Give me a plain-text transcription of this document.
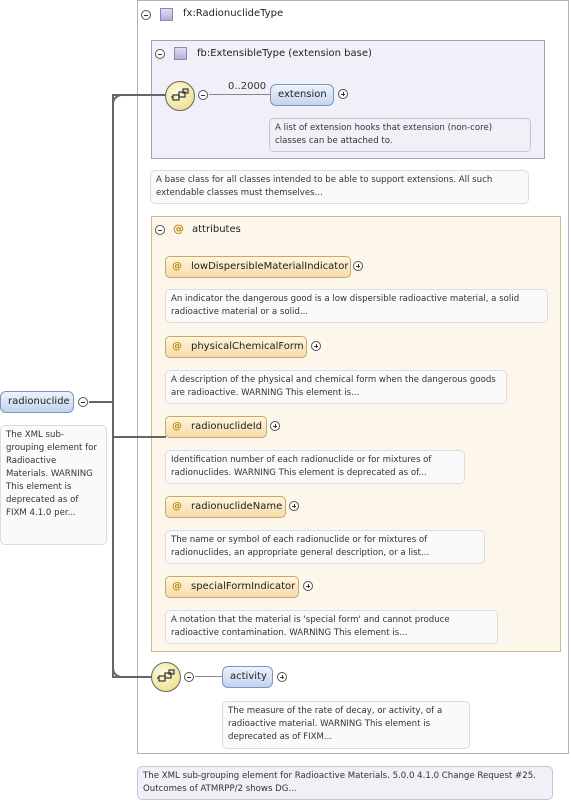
fx:RadionuclideType
fb:ExtensibleType (extension base)
0..2000
extension
A list of extension hooks that extension (non-core) classes can be attached to.
A base class for all classes intended to be able to support extensions. All such extendable classes must themselves...
@ attributes
@ lowDispersibleMaterialIndicator
An indicator the dangerous good is a low dispersible radioactive material, a solid radioactive material or a solid...
@ physicalChemicalForm
A description of the physical and chemical form when the dangerous goods are radioactive. WARNING This element is...
@ radionuclideId
Identification number of each radionuclide or for mixtures of radionuclides. WARNING This element is deprecated as of...
@ radionuclideName
The name or symbol of each radionuclide or for mixtures of radionuclides, an appropriate general description, or a list...
@ specialFormIndicator
A notation that the material is 'special form' and cannot produce radioactive contamination. WARNING This element is...
activity
The measure of the rate of decay, or activity, of a radioactive material. WARNING This element is deprecated as of FIXM...
radionuclide
The XML sub-grouping element for Radioactive Materials. WARNING This element is deprecated as of FIXM 4.1.0 per...
The XML sub-grouping element for Radioactive Materials. 5.0.0 4.1.0 Change Request #25. Outcomes of ATMRPP/2 shows DG...
